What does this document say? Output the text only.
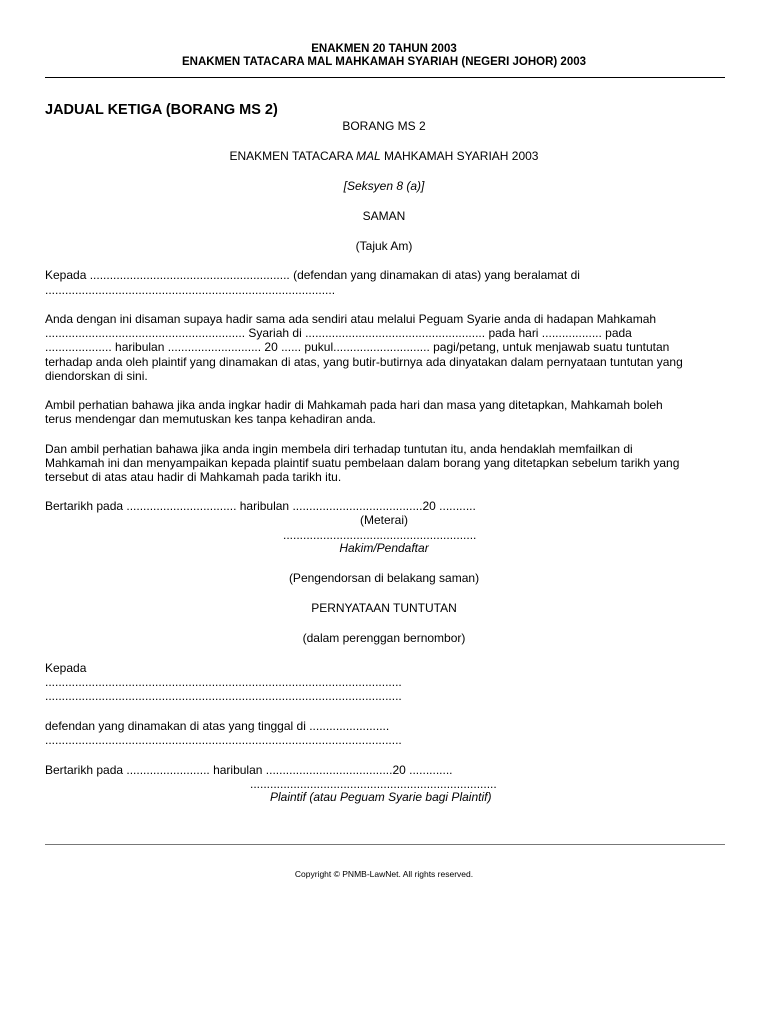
ENAKMEN 20 TAHUN 2003
ENAKMEN TATACARA MAL MAHKAMAH SYARIAH (NEGERI JOHOR) 2003
JADUAL KETIGA (BORANG MS 2)
BORANG MS 2
ENAKMEN TATACARA MAL MAHKAMAH SYARIAH 2003
[Seksyen 8 (a)]
SAMAN
(Tajuk Am)
Kepada ............................................................ (defendan yang dinamakan di atas) yang beralamat di
.......................................................................................

Anda dengan ini disaman supaya hadir sama ada sendiri atau melalui Peguam Syarie anda di hadapan Mahkamah

............................................................ Syariah di ...................................................... pada hari .................. pada

.................... haribulan ............................ 20 ...... pukul............................. pagi/petang, untuk menjawab suatu tuntutan

terhadap anda oleh plaintif yang dinamakan di atas, yang butir-butirnya ada dinyatakan dalam pernyataan tuntutan yang

diendorskan di sini.

Ambil perhatian bahawa jika anda ingkar hadir di Mahkamah pada hari dan masa yang ditetapkan, Mahkamah boleh

terus mendengar dan memutuskan kes tanpa kehadiran anda.

Dan ambil perhatian bahawa jika anda ingin membela diri terhadap tuntutan itu, anda hendaklah memfailkan di

Mahkamah ini dan menyampaikan kepada plaintif suatu pembelaan dalam borang yang ditetapkan sebelum tarikh yang

tersebut di atas atau hadir di Mahkamah pada tarikh itu.

Bertarikh pada ................................. haribulan .......................................20 ...........
(Meterai)
..........................................................
Hakim/Pendaftar
(Pengendorsan di belakang saman)
PERNYATAAN TUNTUTAN
(dalam perenggan bernombor)
Kepada
...........................................................................................................
...........................................................................................................
defendan yang dinamakan di atas yang tinggal di ........................
...........................................................................................................
Bertarikh pada ......................... haribulan ......................................20 .............
..........................................................................
Plaintif (atau Peguam Syarie bagi Plaintif)
Copyright © PNMB-LawNet. All rights reserved.
